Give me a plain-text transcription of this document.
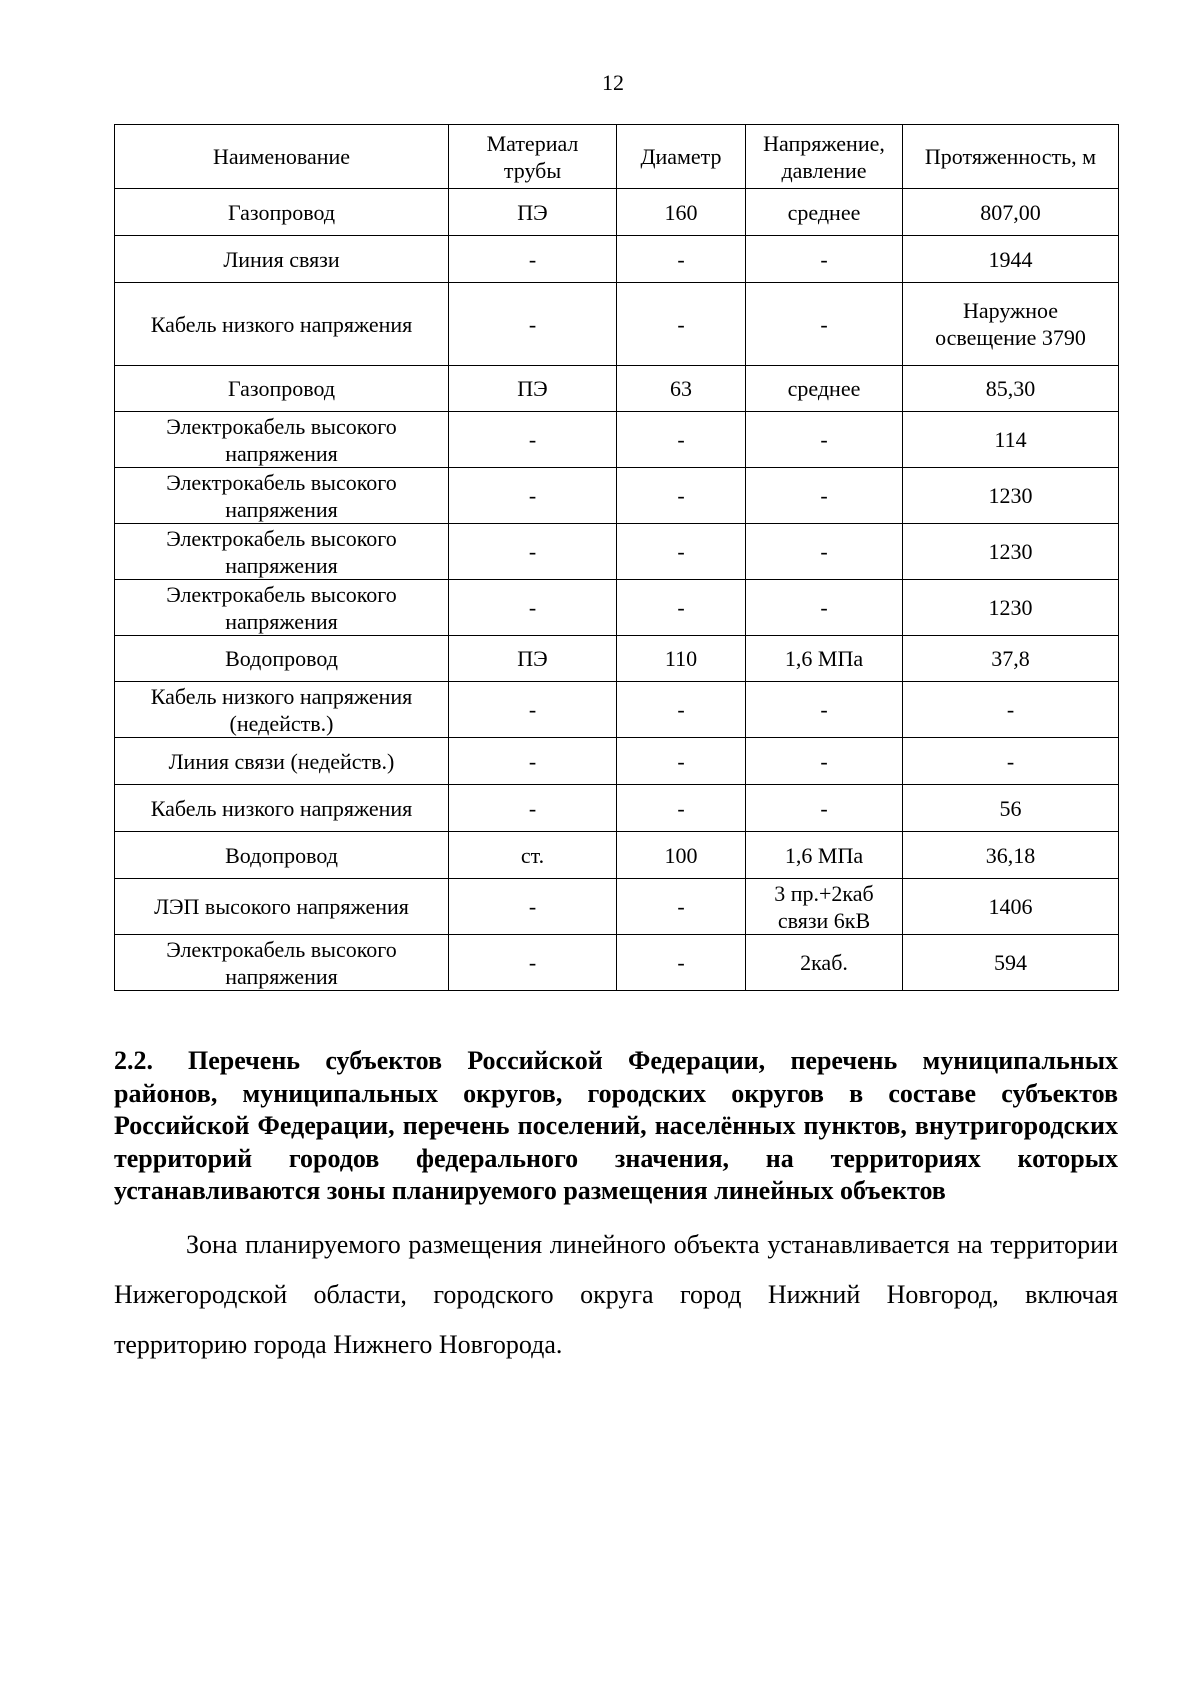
12
Наименование	Материал трубы	Диаметр	Напряжение, давление	Протяженность, м
Газопровод	ПЭ	160	среднее	807,00
Линия связи	-	-	-	1944
Кабель низкого напряжения	-	-	-	Наружное освещение 3790
Газопровод	ПЭ	63	среднее	85,30
Электрокабель высокого напряжения	-	-	-	114
Электрокабель высокого напряжения	-	-	-	1230
Электрокабель высокого напряжения	-	-	-	1230
Электрокабель высокого напряжения	-	-	-	1230
Водопровод	ПЭ	110	1,6 МПа	37,8
Кабель низкого напряжения (недейств.)	-	-	-	-
Линия связи (недейств.)	-	-	-	-
Кабель низкого напряжения	-	-	-	56
Водопровод	ст.	100	1,6 МПа	36,18
ЛЭП высокого напряжения	-	-	3 пр.+2каб связи 6кВ	1406
Электрокабель высокого напряжения	-	-	2каб.	594
2.2. Перечень субъектов Российской Федерации, перечень муниципальных районов, муниципальных округов, городских округов в составе субъектов Российской Федерации, перечень поселений, населённых пунктов, внутригородских территорий городов федерального значения, на территориях которых устанавливаются зоны планируемого размещения линейных объектов

Зона планируемого размещения линейного объекта устанавливается на территории Нижегородской области, городского округа город Нижний Новгород, включая территорию города Нижнего Новгорода.
